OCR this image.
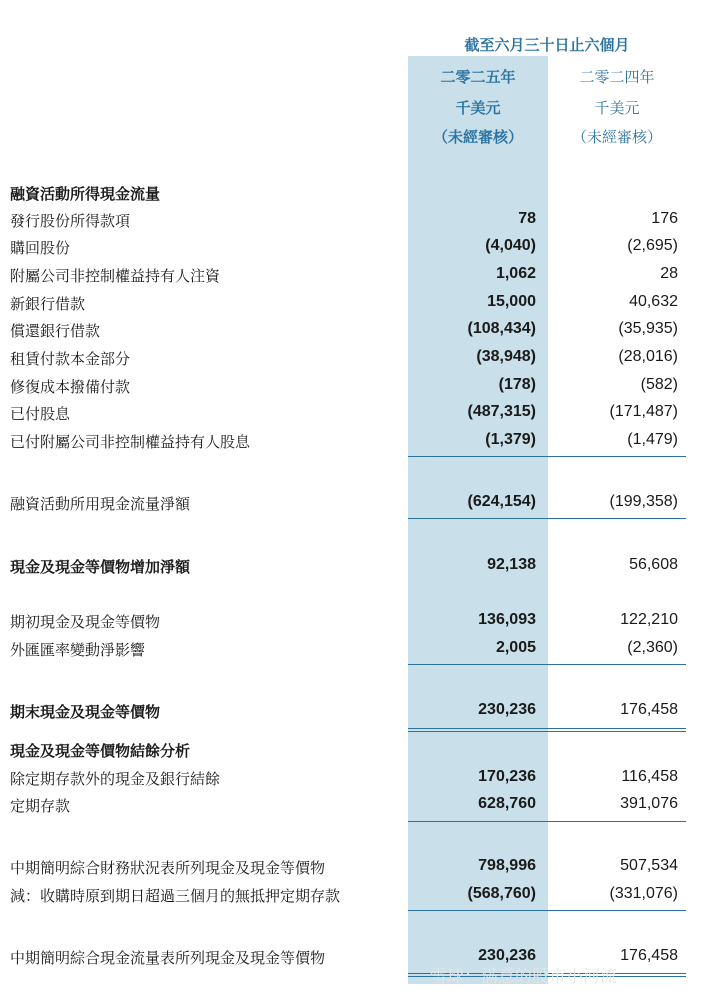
截至六月三十日止六個月
二零二五年
千美元
（未經審核）
二零二四年
千美元
（未經審核）
融資活動所得現金流量
發行股份所得款項	78	176
購回股份	(4,040)	(2,695)
附屬公司非控制權益持有人注資	1,062	28
新銀行借款	15,000	40,632
償還銀行借款	(108,434)	(35,935)
租賃付款本金部分	(38,948)	(28,016)
修復成本撥備付款	(178)	(582)
已付股息	(487,315)	(171,487)
已付附屬公司非控制權益持有人股息	(1,379)	(1,479)
融資活動所用現金流量淨額	(624,154)	(199,358)
現金及現金等價物增加淨額	92,138	56,608
期初現金及現金等價物	136,093	122,210
外匯匯率變動淨影響	2,005	(2,360)
期末現金及現金等價物	230,236	176,458
現金及現金等價物結餘分析
除定期存款外的現金及銀行結餘	170,236	116,458
定期存款	628,760	391,076
中期簡明綜合財務狀況表所列現金及現金等價物	798,996	507,534
減：收購時原到期日超過三個月的無抵押定期存款	(568,760)	(331,076)
中期簡明綜合現金流量表所列現金及現金等價物	230,236	176,458
雪球：满意的股市小河流
